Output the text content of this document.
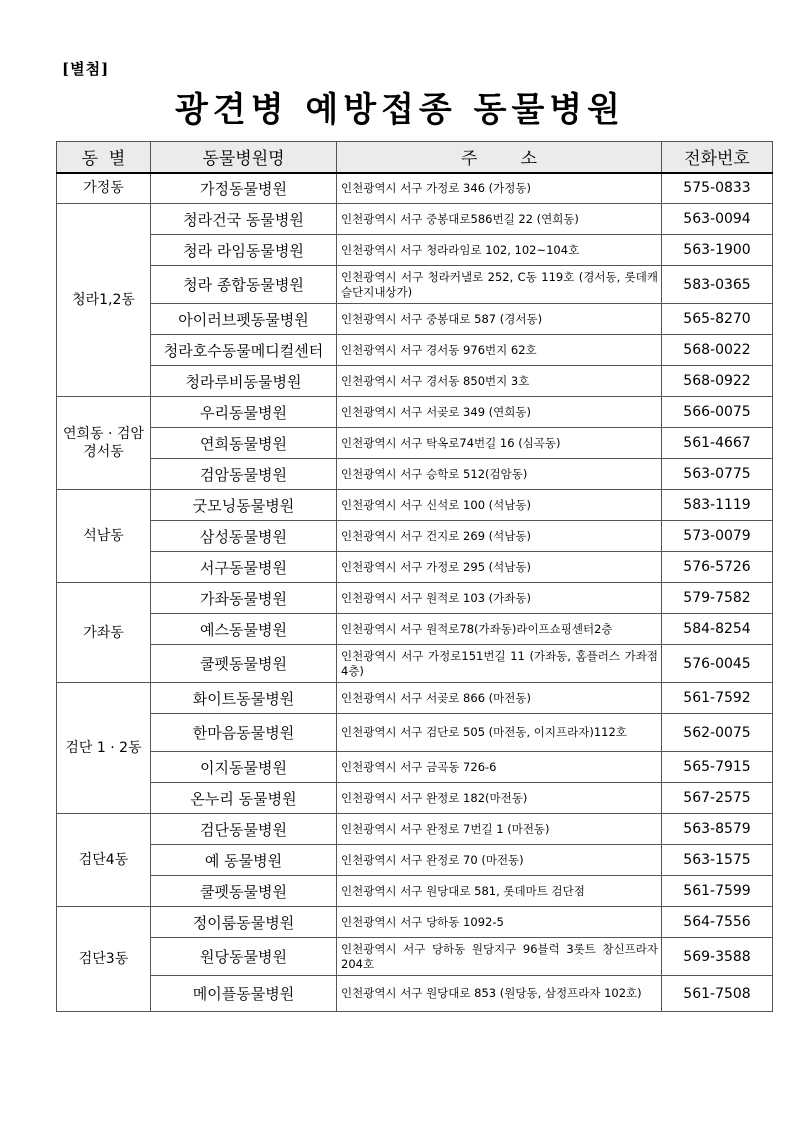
[별첨]
광견병 예방접종 동물병원
동  별	동물병원명	주        소	전화번호
가정동	가정동물병원	인천광역시 서구 가정로 346 (가정동)	575-0833
청라1,2동	청라건국 동물병원	인천광역시 서구 중봉대로586번길 22 (연희동)	563-0094
	청라 라임동물병원	인천광역시 서구 청라라임로 102, 102~104호	563-1900
	청라 종합동물병원	인천광역시 서구 청라커낼로 252, C동 119호 (경서동, 롯데캐슬단지내상가)	583-0365
	아이러브펫동물병원	인천광역시 서구 중봉대로 587 (경서동)	565-8270
	청라호수동물메디컬센터	인천광역시 서구 경서동 976번지 62호	568-0022
	청라루비동물병원	인천광역시 서구 경서동 850번지 3호	568-0922
연희동 · 검암경서동	우리동물병원	인천광역시 서구 서곶로 349 (연희동)	566-0075
	연희동물병원	인천광역시 서구 탁옥로74번길 16 (심곡동)	561-4667
	검암동물병원	인천광역시 서구 승학로 512(검암동)	563-0775
석남동	굿모닝동물병원	인천광역시 서구 신석로 100 (석남동)	583-1119
	삼성동물병원	인천광역시 서구 건지로 269 (석남동)	573-0079
	서구동물병원	인천광역시 서구 가정로 295 (석남동)	576-5726
가좌동	가좌동물병원	인천광역시 서구 원적로 103 (가좌동)	579-7582
	예스동물병원	인천광역시 서구 원적로78(가좌동)라이프쇼핑센터2층	584-8254
	쿨펫동물병원	인천광역시 서구 가정로151번길 11 (가좌동, 홈플러스 가좌점 4층)	576-0045
검단 1 · 2동	화이트동물병원	인천광역시 서구 서곶로 866 (마전동)	561-7592
	한마음동물병원	인천광역시 서구 검단로 505 (마전동, 이지프라자)112호	562-0075
	이지동물병원	인천광역시 서구 금곡동 726-6	565-7915
	온누리 동물병원	인천광역시 서구 완정로 182(마전동)	567-2575
검단4동	검단동물병원	인천광역시 서구 완정로 7번길 1 (마전동)	563-8579
	예 동물병원	인천광역시 서구 완정로 70 (마전동)	563-1575
	쿨펫동물병원	인천광역시 서구 원당대로 581, 롯데마트 검단점	561-7599
검단3동	정이룸동물병원	인천광역시 서구 당하동 1092-5	564-7556
	원당동물병원	인천광역시 서구 당하동 원당지구 96블럭 3롯트 창신프라자 204호	569-3588
	메이플동물병원	인천광역시 서구 원당대로 853 (원당동, 삼정프라자 102호)	561-7508
